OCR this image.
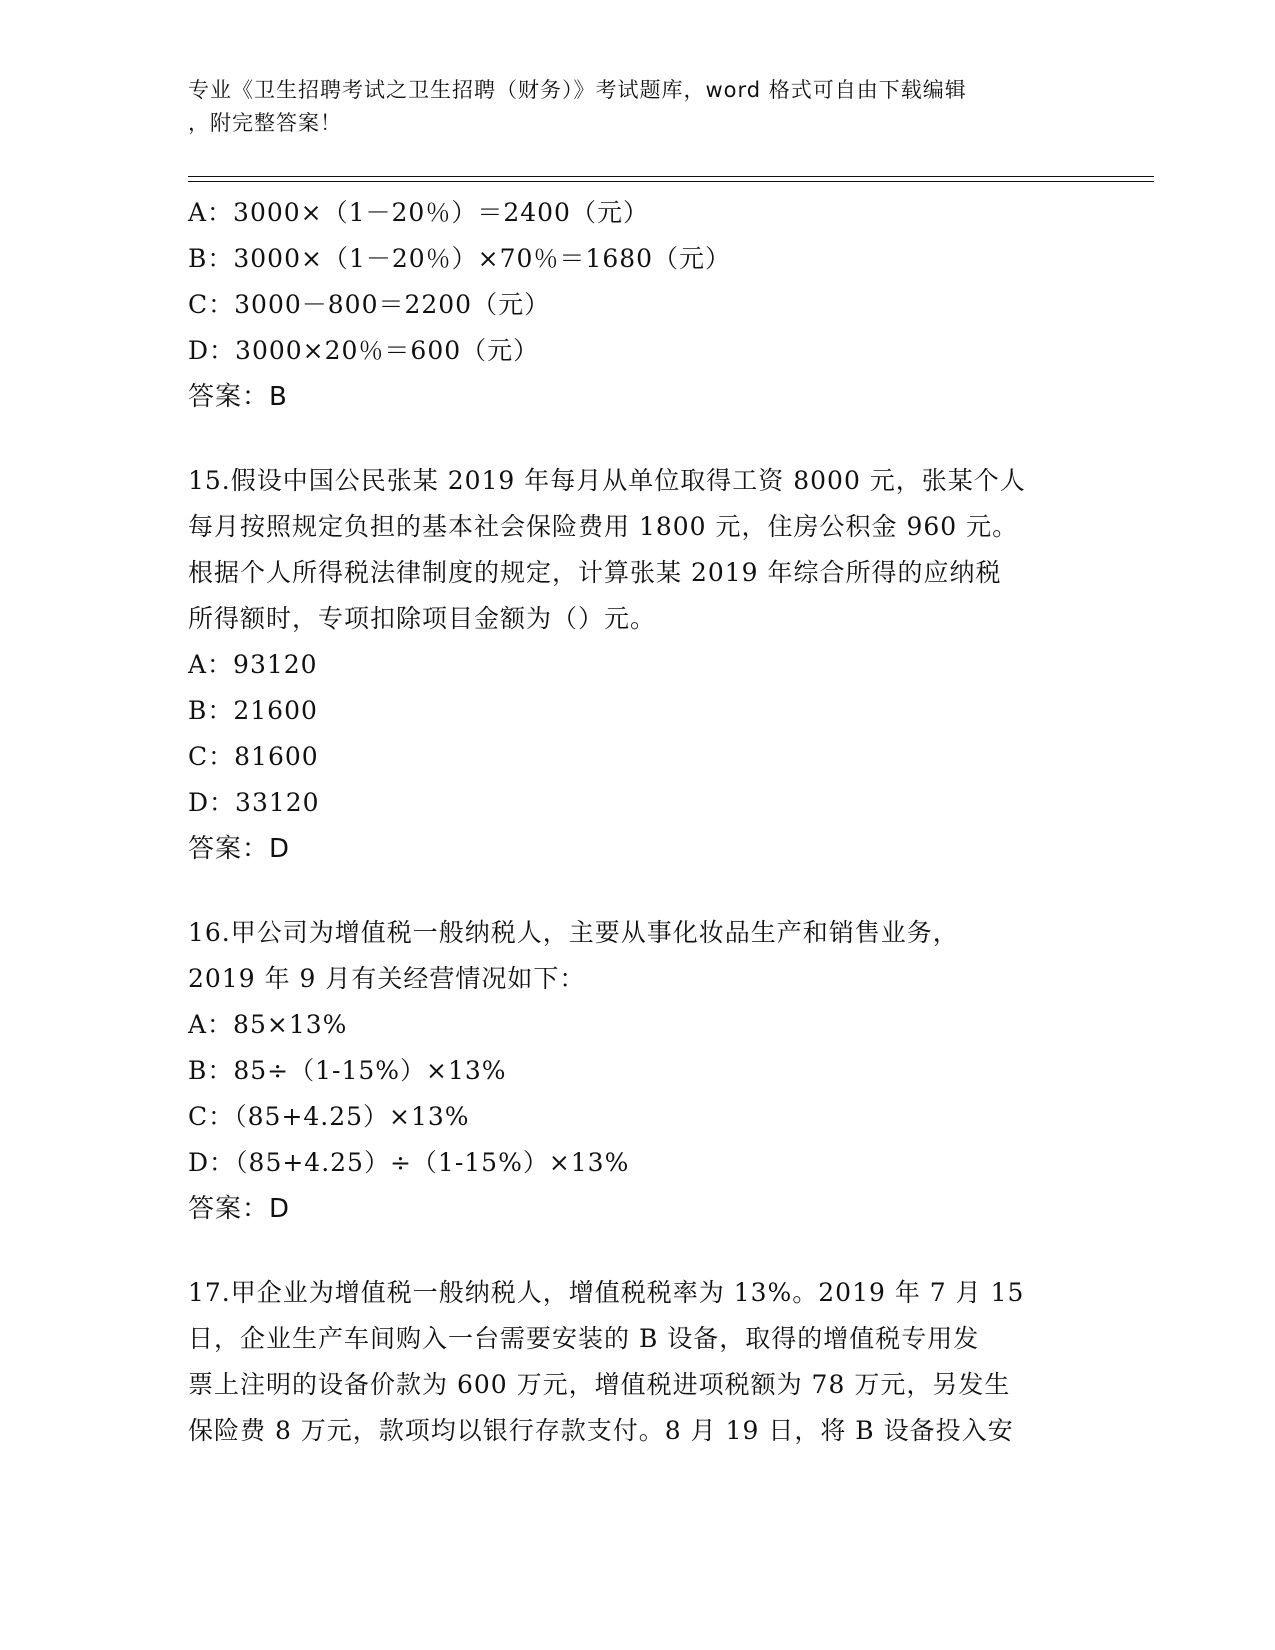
专业《卫生招聘考试之卫生招聘（财务）》考试题库，word 格式可自由下载编辑
，附完整答案！
A：3000×（1－20％）＝2400（元）
B：3000×（1－20％）×70％＝1680（元）
C：3000－800＝2200（元）
D：3000×20％＝600（元）
答案：B
15.假设中国公民张某 2019 年每月从单位取得工资 8000 元，张某个人
每月按照规定负担的基本社会保险费用 1800 元，住房公积金 960 元。
根据个人所得税法律制度的规定，计算张某 2019 年综合所得的应纳税
所得额时，专项扣除项目金额为（）元。
A：93120
B：21600
C：81600
D：33120
答案：D
16.甲公司为增值税一般纳税人，主要从事化妆品生产和销售业务，
2019 年 9 月有关经营情况如下：
A：85×13%
B：85÷（1-15%）×13%
C：（85+4.25）×13%
D：（85+4.25）÷（1-15%）×13%
答案：D
17.甲企业为增值税一般纳税人，增值税税率为 13%。2019 年 7 月 15
日，企业生产车间购入一台需要安装的 B 设备，取得的增值税专用发
票上注明的设备价款为 600 万元，增值税进项税额为 78 万元，另发生
保险费 8 万元，款项均以银行存款支付。8 月 19 日，将 B 设备投入安
